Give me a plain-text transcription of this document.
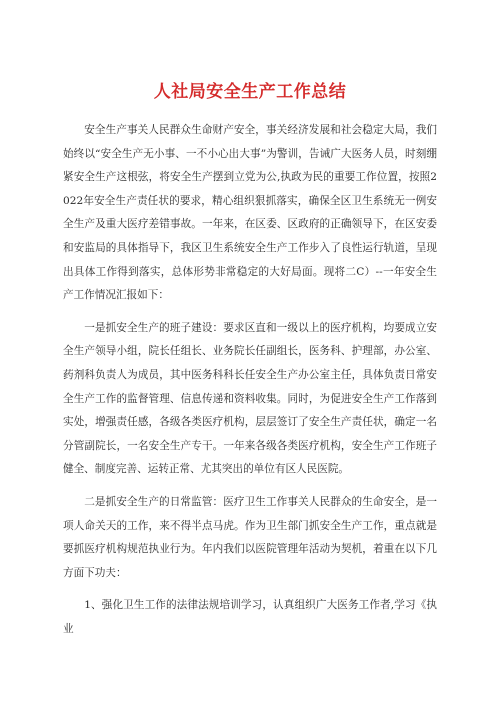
人社局安全生产工作总结

安全生产事关人民群众生命财产安全，事关经济发展和社会稳定大局，我们始终以“安全生产无小事、一不小心出大事”为警训，告诫广大医务人员，时刻绷紧安全生产这根弦，将安全生产摆到立党为公,执政为民的重要工作位置，按照2022年安全生产责任状的要求，精心组织狠抓落实，确保全区卫生系统无一例安全生产及重大医疗差错事故。一年来，在区委、区政府的正确领导下，在区安委和安监局的具体指导下，我区卫生系统安全生产工作步入了良性运行轨道，呈现出具体工作得到落实，总体形势非常稳定的大好局面。现将二C）--一年安全生产工作情况汇报如下：

一是抓安全生产的班子建设：要求区直和一级以上的医疗机构，均要成立安全生产领导小组，院长任组长、业务院长任副组长，医务科、护理部，办公室、药剂科负责人为成员，其中医务科科长任安全生产办公室主任，具体负责日常安全生产工作的监督管理、信息传递和资料收集。同时，为促进安全生产工作落到实处，增强责任感，各级各类医疗机构，层层签订了安全生产责任状，确定一名分管副院长，一名安全生产专干。一年来各级各类医疗机构，安全生产工作班子健全、制度完善、运转正常、尤其突出的单位有区人民医院。

二是抓安全生产的日常监管：医疗卫生工作事关人民群众的生命安全，是一项人命关天的工作，来不得半点马虎。作为卫生部门抓安全生产工作，重点就是要抓医疗机构规范执业行为。年内我们以医院管理年活动为契机，着重在以下几方面下功夫：

1、强化卫生工作的法律法规培训学习，认真组织广大医务工作者,学习《执业
